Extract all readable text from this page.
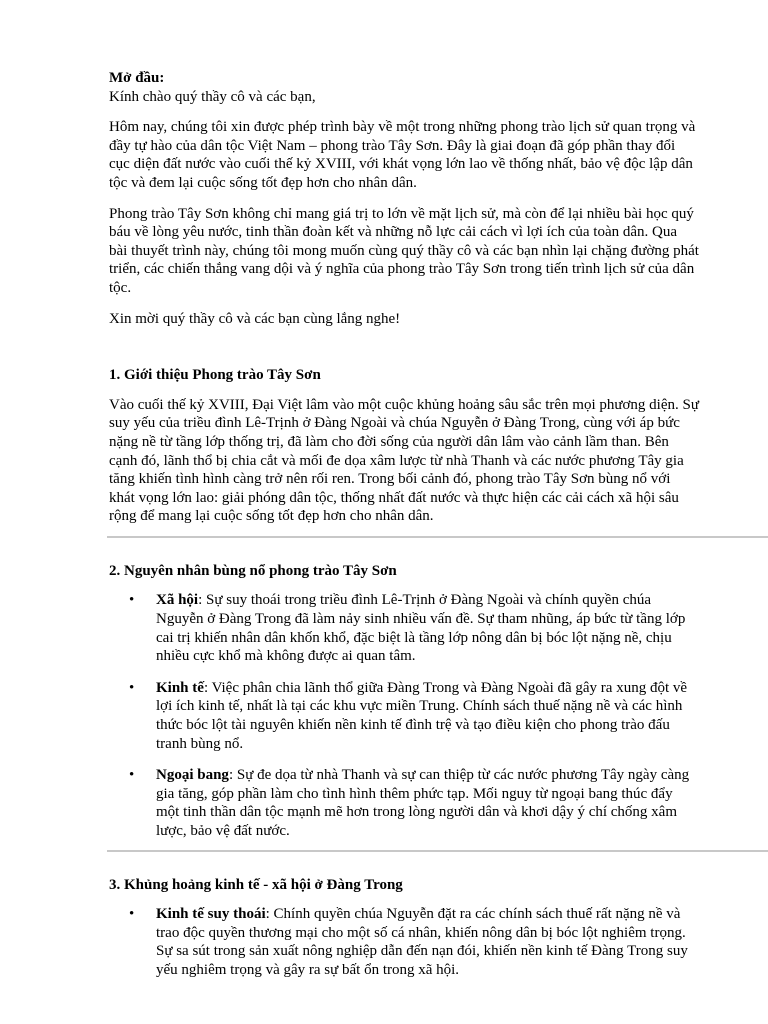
Mở đầu:
Kính chào quý thầy cô và các bạn,

Hôm nay, chúng tôi xin được phép trình bày về một trong những phong trào lịch sử quan trọng và đầy tự hào của dân tộc Việt Nam – phong trào Tây Sơn. Đây là giai đoạn đã góp phần thay đổi cục diện đất nước vào cuối thế kỷ XVIII, với khát vọng lớn lao về thống nhất, bảo vệ độc lập dân tộc và đem lại cuộc sống tốt đẹp hơn cho nhân dân.

Phong trào Tây Sơn không chỉ mang giá trị to lớn về mặt lịch sử, mà còn để lại nhiều bài học quý báu về lòng yêu nước, tinh thần đoàn kết và những nỗ lực cải cách vì lợi ích của toàn dân. Qua bài thuyết trình này, chúng tôi mong muốn cùng quý thầy cô và các bạn nhìn lại chặng đường phát triển, các chiến thắng vang dội và ý nghĩa của phong trào Tây Sơn trong tiến trình lịch sử của dân tộc.

Xin mời quý thầy cô và các bạn cùng lắng nghe!

1. Giới thiệu Phong trào Tây Sơn

Vào cuối thế kỷ XVIII, Đại Việt lâm vào một cuộc khủng hoảng sâu sắc trên mọi phương diện. Sự suy yếu của triều đình Lê-Trịnh ở Đàng Ngoài và chúa Nguyễn ở Đàng Trong, cùng với áp bức nặng nề từ tầng lớp thống trị, đã làm cho đời sống của người dân lâm vào cảnh lầm than. Bên cạnh đó, lãnh thổ bị chia cắt và mối đe dọa xâm lược từ nhà Thanh và các nước phương Tây gia tăng khiến tình hình càng trở nên rối ren. Trong bối cảnh đó, phong trào Tây Sơn bùng nổ với khát vọng lớn lao: giải phóng dân tộc, thống nhất đất nước và thực hiện các cải cách xã hội sâu rộng để mang lại cuộc sống tốt đẹp hơn cho nhân dân.

2. Nguyên nhân bùng nổ phong trào Tây Sơn
• Xã hội: Sự suy thoái trong triều đình Lê-Trịnh ở Đàng Ngoài và chính quyền chúa Nguyễn ở Đàng Trong đã làm nảy sinh nhiều vấn đề. Sự tham nhũng, áp bức từ tầng lớp cai trị khiến nhân dân khốn khổ, đặc biệt là tầng lớp nông dân bị bóc lột nặng nề, chịu nhiều cực khổ mà không được ai quan tâm.
• Kinh tế: Việc phân chia lãnh thổ giữa Đàng Trong và Đàng Ngoài đã gây ra xung đột về lợi ích kinh tế, nhất là tại các khu vực miền Trung. Chính sách thuế nặng nề và các hình thức bóc lột tài nguyên khiến nền kinh tế đình trệ và tạo điều kiện cho phong trào đấu tranh bùng nổ.
• Ngoại bang: Sự đe dọa từ nhà Thanh và sự can thiệp từ các nước phương Tây ngày càng gia tăng, góp phần làm cho tình hình thêm phức tạp. Mối nguy từ ngoại bang thúc đẩy một tinh thần dân tộc mạnh mẽ hơn trong lòng người dân và khơi dậy ý chí chống xâm lược, bảo vệ đất nước.
3. Khủng hoảng kinh tế - xã hội ở Đàng Trong
• Kinh tế suy thoái: Chính quyền chúa Nguyễn đặt ra các chính sách thuế rất nặng nề và trao độc quyền thương mại cho một số cá nhân, khiến nông dân bị bóc lột nghiêm trọng. Sự sa sút trong sản xuất nông nghiệp dẫn đến nạn đói, khiến nền kinh tế Đàng Trong suy yếu nghiêm trọng và gây ra sự bất ổn trong xã hội.
